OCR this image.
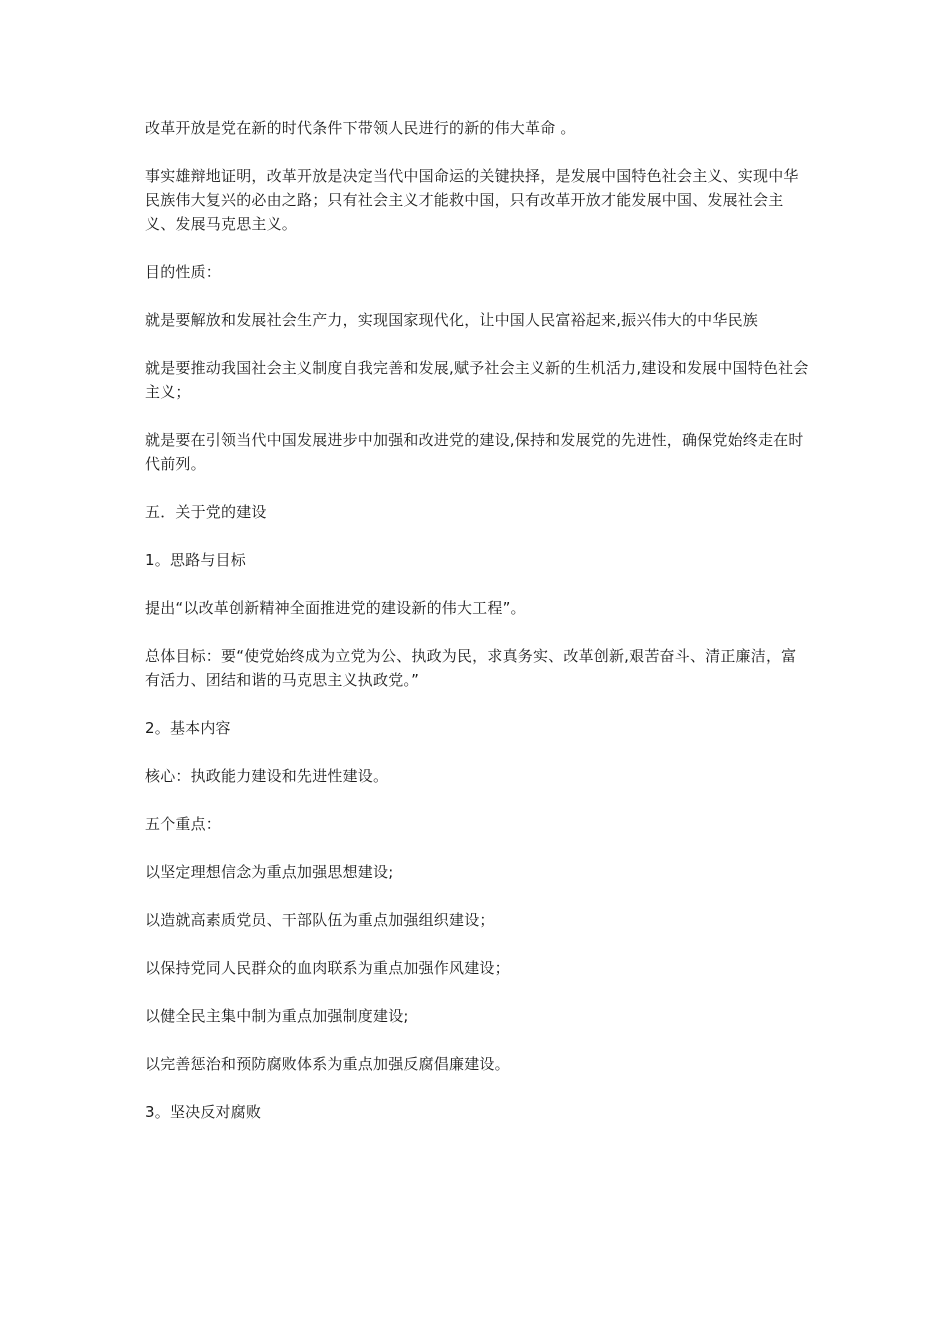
改革开放是党在新的时代条件下带领人民进行的新的伟大革命 。

事实雄辩地证明，改革开放是决定当代中国命运的关键抉择，是发展中国特色社会主义、实现中华民族伟大复兴的必由之路；只有社会主义才能救中国，只有改革开放才能发展中国、发展社会主义、发展马克思主义。

目的性质：

就是要解放和发展社会生产力，实现国家现代化，让中国人民富裕起来,振兴伟大的中华民族

就是要推动我国社会主义制度自我完善和发展,赋予社会主义新的生机活力,建设和发展中国特色社会主义；

就是要在引领当代中国发展进步中加强和改进党的建设,保持和发展党的先进性，确保党始终走在时代前列。

五．关于党的建设

1。思路与目标

提出“以改革创新精神全面推进党的建设新的伟大工程”。

总体目标：要“使党始终成为立党为公、执政为民，求真务实、改革创新,艰苦奋斗、清正廉洁，富有活力、团结和谐的马克思主义执政党。”

2。基本内容

核心：执政能力建设和先进性建设。

五个重点：

以坚定理想信念为重点加强思想建设;

以造就高素质党员、干部队伍为重点加强组织建设；

以保持党同人民群众的血肉联系为重点加强作风建设；

以健全民主集中制为重点加强制度建设;

以完善惩治和预防腐败体系为重点加强反腐倡廉建设。

3。坚决反对腐败
